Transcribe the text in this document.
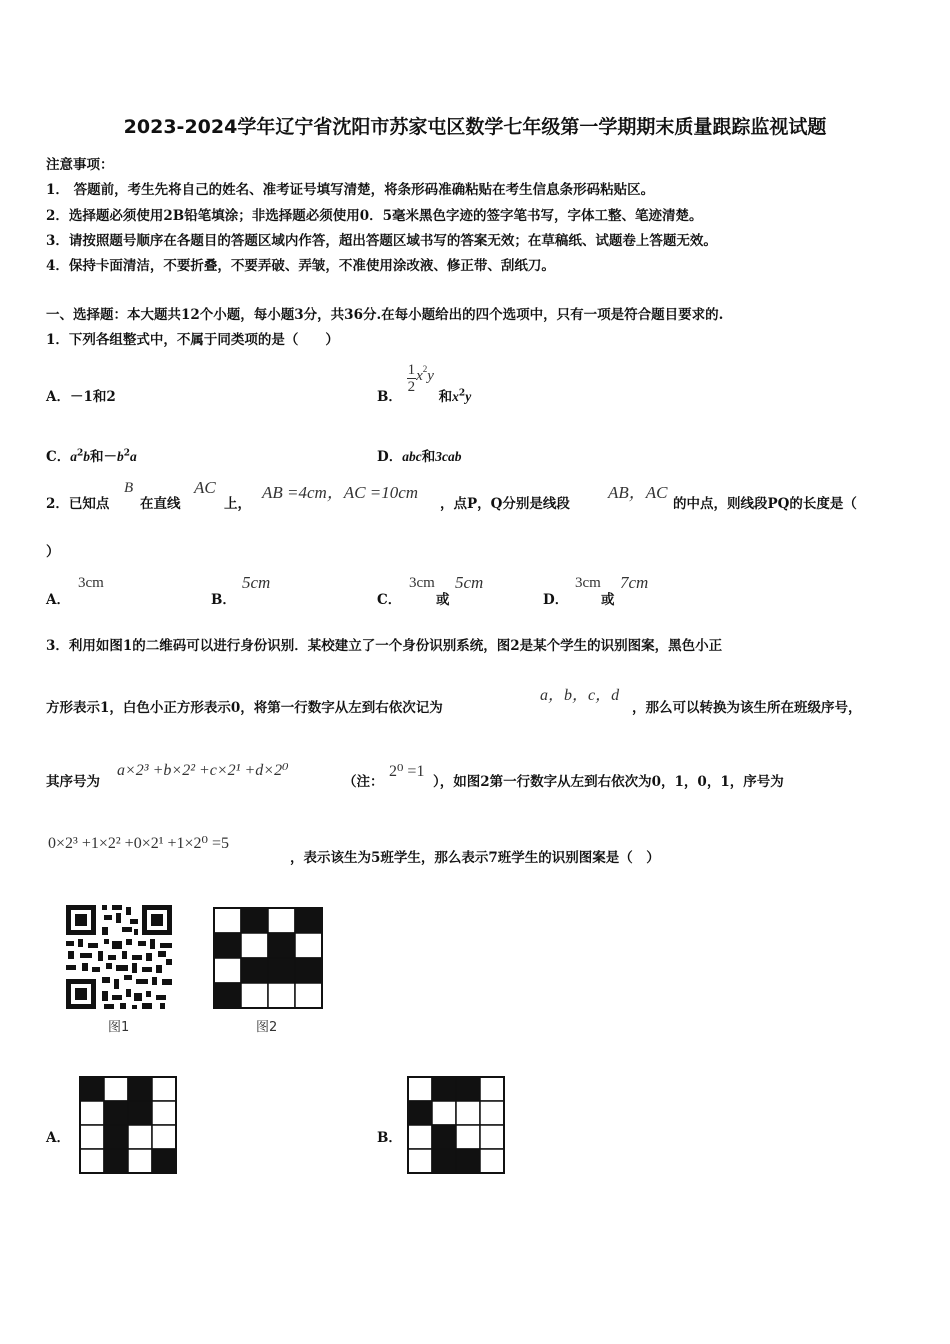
2023-2024学年辽宁省沈阳市苏家屯区数学七年级第一学期期末质量跟踪监视试题
注意事项：
1． 答题前，考生先将自己的姓名、准考证号填写清楚，将条形码准确粘贴在考生信息条形码粘贴区。
2．选择题必须使用2B铅笔填涂；非选择题必须使用0．5毫米黑色字迹的签字笔书写，字体工整、笔迹清楚。
3．请按照题号顺序在各题目的答题区域内作答，超出答题区域书写的答案无效；在草稿纸、试题卷上答题无效。
4．保持卡面清洁，不要折叠，不要弄破、弄皱，不准使用涂改液、修正带、刮纸刀。
一、选择题：本大题共12个小题，每小题3分，共36分.在每小题给出的四个选项中，只有一项是符合题目要求的.
1．下列各组整式中，不属于同类项的是（　　）
A．－1和2	B．
$\frac{1}{2} x^2y$ 和$x^2y$
C．$a^2b$和$-b^2a$	D．abc和3cab
2．已知点
B
在直线
AC
上，
AB =4cm，AC =10cm
，点P，Q分别是线段
AB，AC
的中点，则线段PQ的长度是（
）
A．
3cm
B．
5cm
C．
3cm
或
5cm
D．
3cm
或
7cm
3．利用如图1的二维码可以进行身份识别．某校建立了一个身份识别系统，图2是某个学生的识别图案，黑色小正
方形表示1，白色小正方形表示0，将第一行数字从左到右依次记为
a，b，c，d
，那么可以转换为该生所在班级序号，
其序号为
a×2³ +b×2² +c×2¹ +d×2⁰
（注：
2⁰ =1
），如图2第一行数字从左到右依次为0，1，0，1，序号为
0×2³ +1×2² +0×2¹ +1×2⁰ =5
，表示该生为5班学生，那么表示7班学生的识别图案是（　）
图1	图2
A．	B．
